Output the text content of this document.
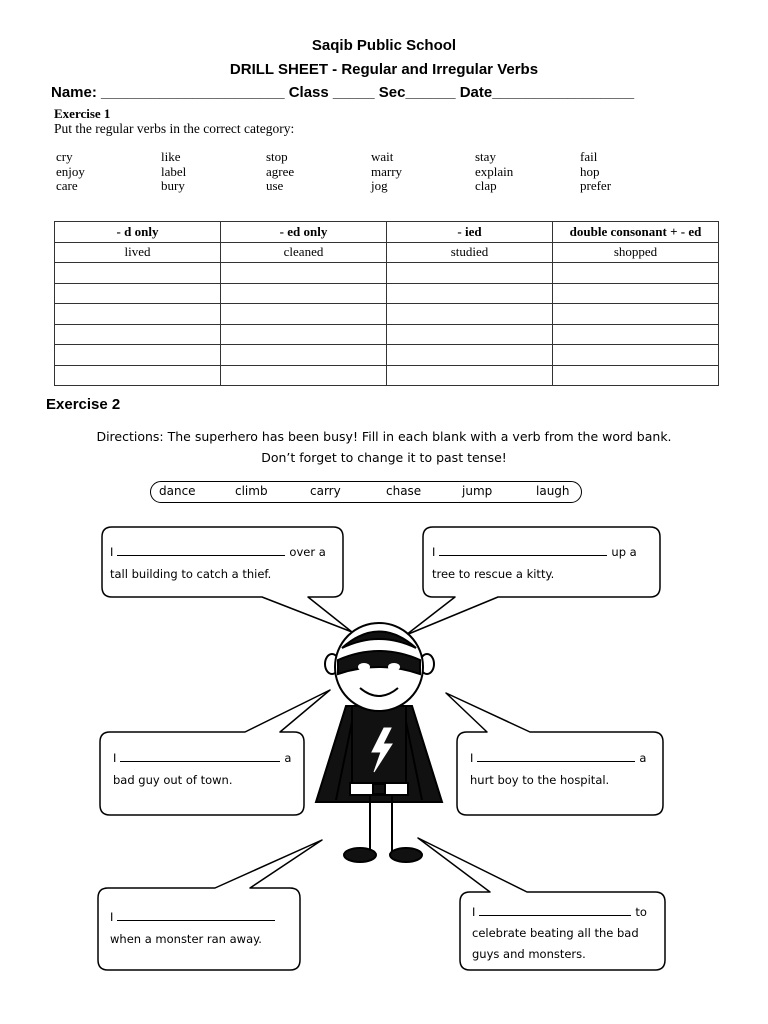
Saqib Public School
DRILL SHEET - Regular and Irregular Verbs
Name: ______________________ Class _____ Sec______ Date_________________
Exercise 1
Put the regular verbs in the correct category:
cry	like	stop	wait	stay	fail
enjoy	label	agree	marry	explain	hop
care	bury	use	jog	clap	prefer
- d only	- ed only	- ied	double consonant + - ed
lived	cleaned	studied	shopped

Exercise 2
Directions: The superhero has been busy! Fill in each blank with a verb from the word bank.
Don’t forget to change it to past tense!
dance	climb	carry	chase	jump	laugh
I	over a
tall building to catch a thief.
I	up a
tree to rescue a kitty.
I	a
bad guy out of town.
I	a
hurt boy to the hospital.
I
when a monster ran away.
I	to
celebrate beating all the bad
guys and monsters.
